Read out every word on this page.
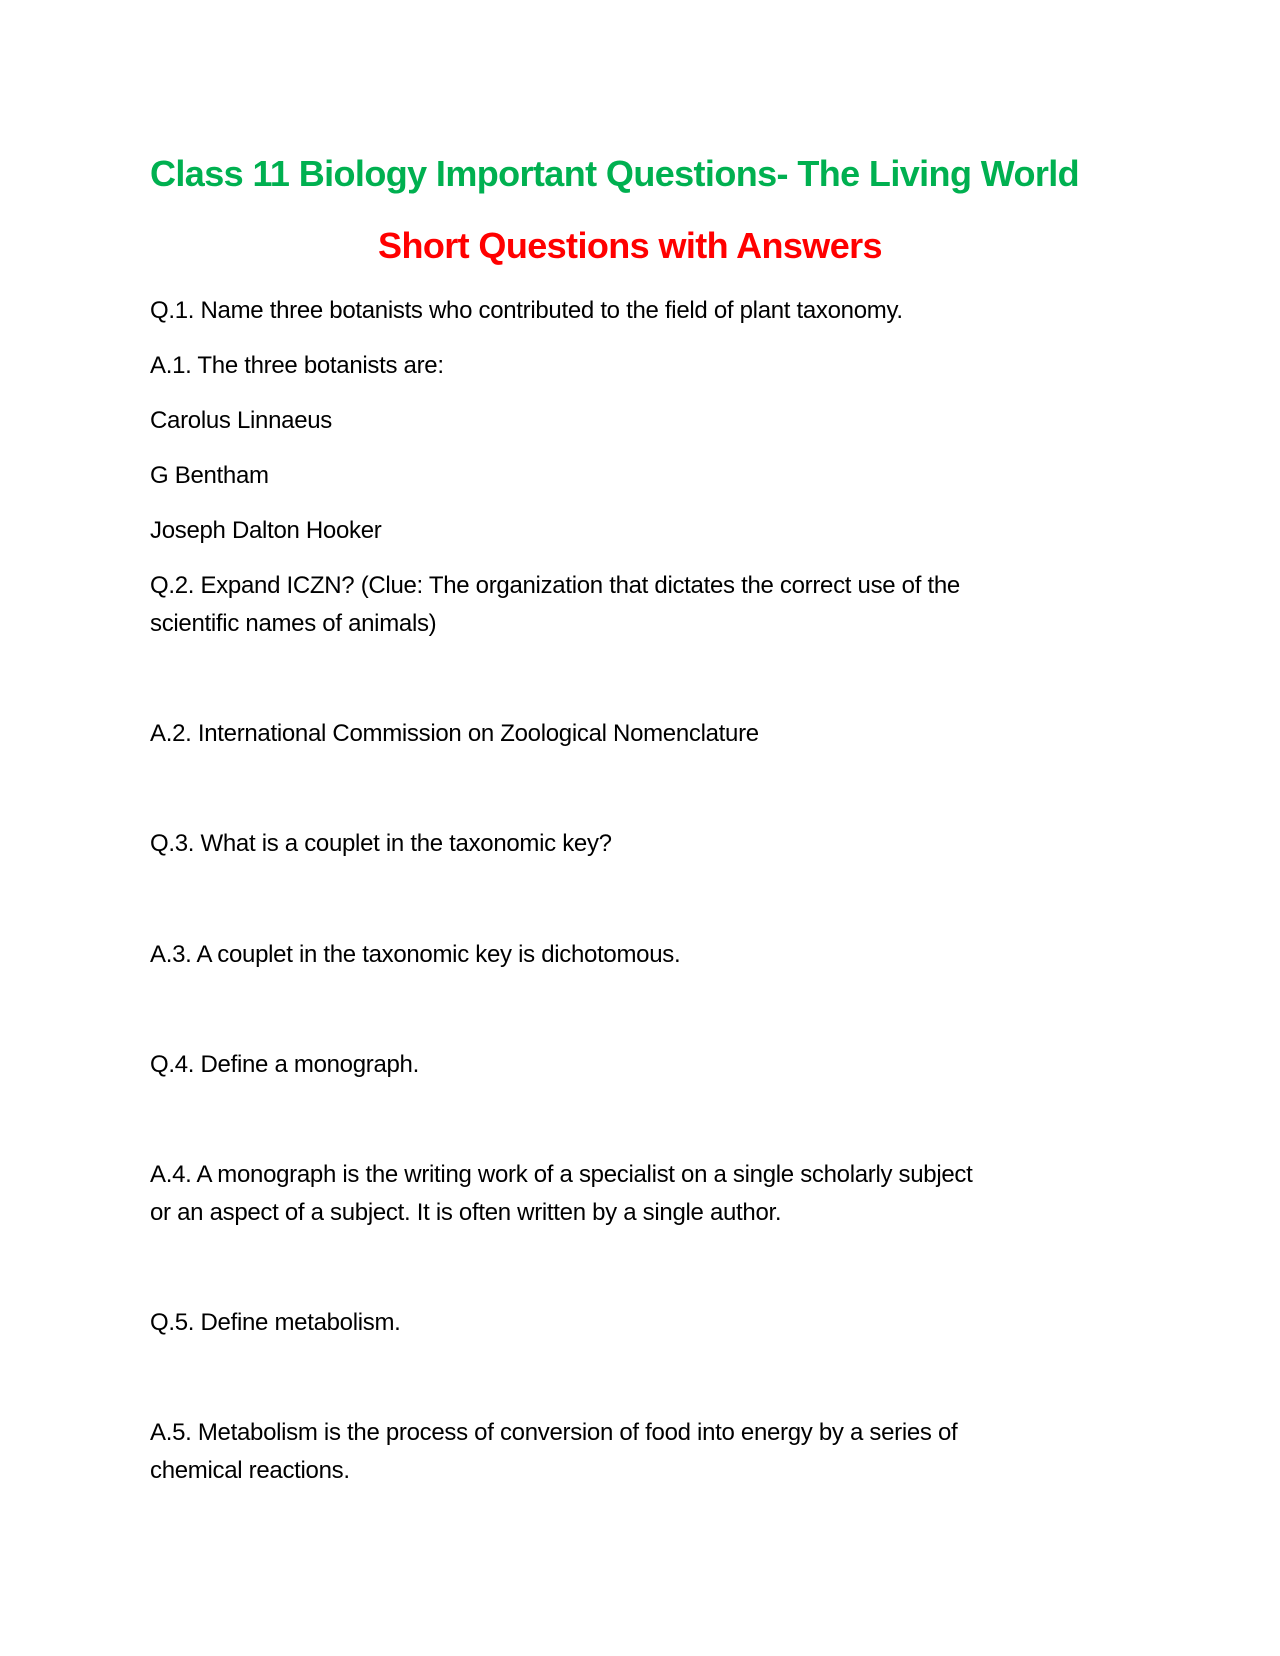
Class 11 Biology Important Questions- The Living World
Short Questions with Answers

Q.1. Name three botanists who contributed to the field of plant taxonomy.

A.1. The three botanists are:

Carolus Linnaeus

G Bentham

Joseph Dalton Hooker

Q.2. Expand ICZN? (Clue: The organization that dictates the correct use of the

scientific names of animals)

A.2. International Commission on Zoological Nomenclature

Q.3. What is a couplet in the taxonomic key?

A.3. A couplet in the taxonomic key is dichotomous.

Q.4. Define a monograph.

A.4. A monograph is the writing work of a specialist on a single scholarly subject

or an aspect of a subject. It is often written by a single author.

Q.5. Define metabolism.

A.5. Metabolism is the process of conversion of food into energy by a series of

chemical reactions.
